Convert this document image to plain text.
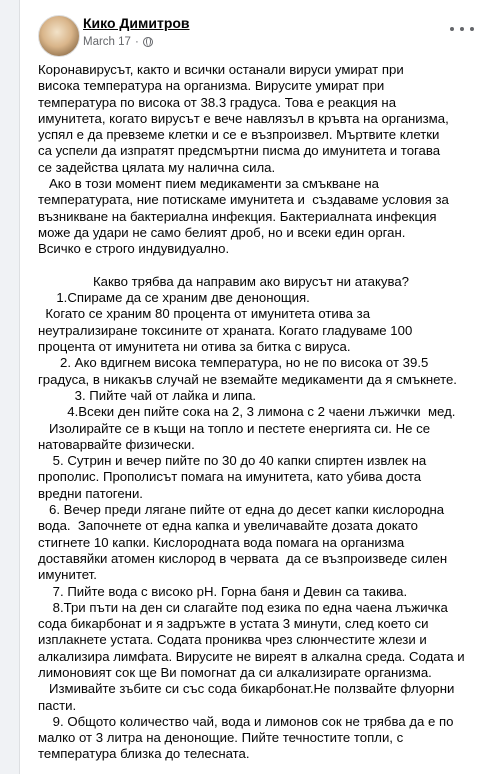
Кико Димитров
March 17 ·

Коронавирусът, както и всички останали вируси умират при

висока температура на организма. Вирусите умират при

температура по висока от 38.3 градуса. Това е реакция на

имунитета, когато вирусът е вече навлязъл в кръвта на организма,

успял е да превземе клетки и се е възпроизвел. Мъртвите клетки

са успели да изпратят предсмъртни писма до имунитета и тогава

се задейства цялата му налична сила.

Ако в този момент пием медикаменти за смъкване на

температурата, ние потискаме имунитета и  създаваме условия за

възникване на бактериална инфекция. Бактериалната инфекция

може да удари не само белият дроб, но и всеки един орган.

Всичко е строго индувидуално.

Какво трябва да направим ако вирусът ни атакува?

1.Спираме да се храним две денонощия.

Когато се храним 80 процента от имунитета отива за

неутрализиране токсините от храната. Когато гладуваме 100

процента от имунитета ни отива за битка с вируса.

2. Ако вдигнем висока температура, но не по висока от 39.5

градуса, в никакъв случай не вземайте медикаменти да я смъкнете.

3. Пийте чай от лайка и липа.

4.Всеки ден пийте сока на 2, 3 лимона с 2 чаени лъжички  мед.

Изолирайте се в къщи на топло и пестете енергията си. Не се

натоварвайте физически.

5. Сутрин и вечер пийте по 30 до 40 капки спиртен извлек на

прополис. Прополисът помага на имунитета, като убива доста

вредни патогени.

6. Вечер преди лягане пийте от една до десет капки кислородна

вода.  Започнете от една капка и увеличавайте дозата докато

стигнете 10 капки. Кислородната вода помага на организма

доставяйки атомен кислород в червата  да се възпроизведе силен

имунитет.

7. Пийте вода с високо рН. Горна баня и Девин са такива.

8.Три пъти на ден си слагайте под езика по една чаена лъжичка

сода бикарбонат и я задръжте в устата 3 минути, след което си

изплакнете устата. Содата прониква чрез слюнчестите жлези и

алкализира лимфата. Вирусите не виреят в алкална среда. Содата и

лимоновият сок ще Ви помогнат да си алкализирате организма.

Измивайте зъбите си със сода бикарбонат.Не ползвайте флуорни

пасти.

9. Общото количество чай, вода и лимонов сок не трябва да е по

малко от 3 литра на денонощие. Пийте течностите топли, с

температура близка до телесната.
